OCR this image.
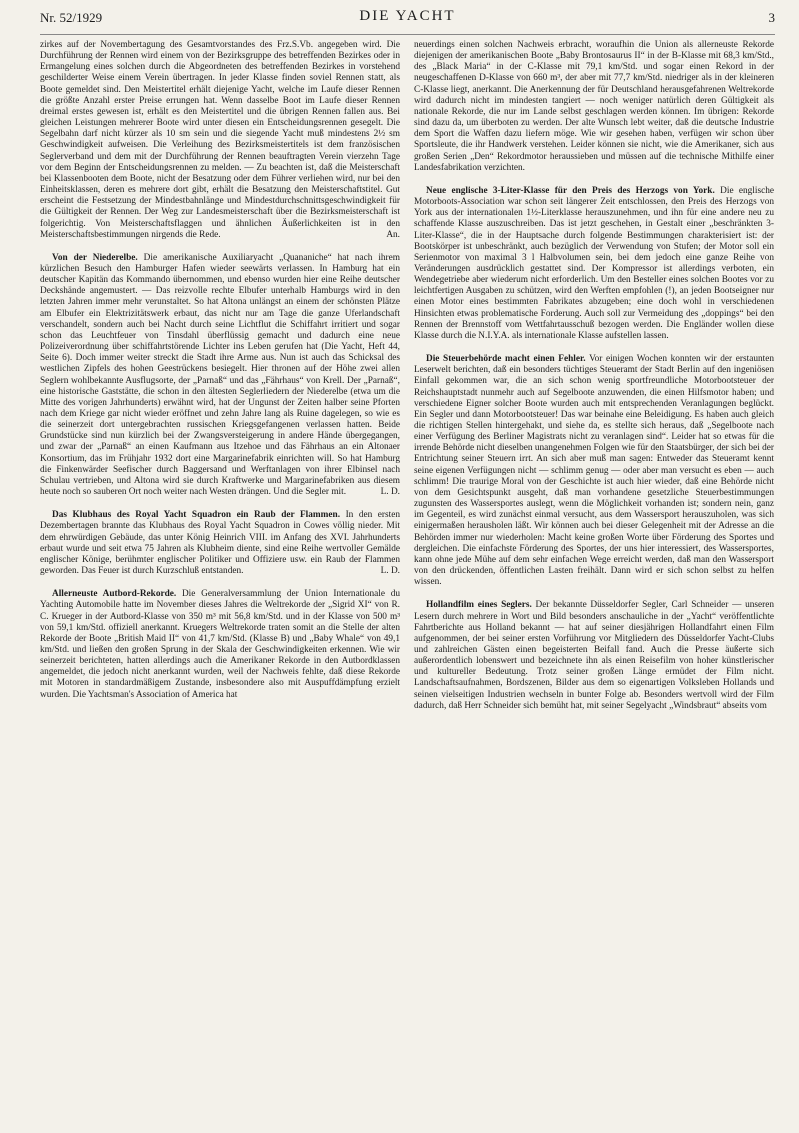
Nr. 52/1929	DIE YACHT	3

zirkes auf der Novembertagung des Gesamtvorstandes des Frz.S.Vb. angegeben wird. Die Durchführung der Rennen wird einem von der Bezirksgruppe des betreffenden Bezirkes oder in Ermangelung eines solchen durch die Abgeordneten des betreffenden Bezirkes in vorstehend geschilderter Weise einem Verein übertragen. In jeder Klasse finden soviel Rennen statt, als Boote gemeldet sind. Den Meistertitel erhält diejenige Yacht, welche im Laufe dieser Rennen die größte Anzahl erster Preise errungen hat. Wenn dasselbe Boot im Laufe dieser Rennen dreimal erstes gewesen ist, erhält es den Meistertitel und die übrigen Rennen fallen aus. Bei gleichen Leistungen mehrerer Boote wird unter diesen ein Entscheidungsrennen gesegelt. Die Segelbahn darf nicht kürzer als 10 sm sein und die siegende Yacht muß mindestens 2½ sm Geschwindigkeit aufweisen. Die Verleihung des Bezirksmeistertitels ist dem französischen Seglerverband und dem mit der Durchführung der Rennen beauftragten Verein vierzehn Tage vor dem Beginn der Entscheidungsrennen zu melden. — Zu beachten ist, daß die Meisterschaft bei Klassenbooten dem Boote, nicht der Besatzung oder dem Führer verliehen wird, nur bei den Einheitsklassen, deren es mehrere dort gibt, erhält die Besatzung den Meisterschaftstitel. Gut erscheint die Festsetzung der Mindestbahnlänge und Mindestdurchschnittsgeschwindigkeit für die Gültigkeit der Rennen. Der Weg zur Landesmeisterschaft über die Bezirksmeisterschaft ist folgerichtig. Von Meisterschaftsflaggen und ähnlichen Äußerlichkeiten ist in den Meisterschaftsbestimmungen nirgends die Rede.	An.

Von der Niederelbe. Die amerikanische Auxiliaryacht „Quananiche“ hat nach ihrem kürzlichen Besuch den Hamburger Hafen wieder seewärts verlassen. In Hamburg hat ein deutscher Kapitän das Kommando übernommen, und ebenso wurden hier eine Reihe deutscher Deckshände angemustert. — Das reizvolle rechte Elbufer unterhalb Hamburgs wird in den letzten Jahren immer mehr verunstaltet. So hat Altona unlängst an einem der schönsten Plätze am Elbufer ein Elektrizitätswerk erbaut, das nicht nur am Tage die ganze Uferlandschaft verschandelt, sondern auch bei Nacht durch seine Lichtflut die Schiffahrt irritiert und sogar schon das Leuchtfeuer von Tinsdahl überflüssig gemacht und dadurch eine neue Polizeiverordnung über schiffahrtstörende Lichter ins Leben gerufen hat (Die Yacht, Heft 44, Seite 6). Doch immer weiter streckt die Stadt ihre Arme aus. Nun ist auch das Schicksal des westlichen Zipfels des hohen Geestrückens besiegelt. Hier thronen auf der Höhe zwei allen Seglern wohlbekannte Ausflugsorte, der „Parnaß“ und das „Fährhaus“ von Krell. Der „Parnaß“, eine historische Gaststätte, die schon in den ältesten Seglerliedern der Niederelbe (etwa um die Mitte des vorigen Jahrhunderts) erwähnt wird, hat der Ungunst der Zeiten halber seine Pforten nach dem Kriege gar nicht wieder eröffnet und zehn Jahre lang als Ruine dagelegen, so wie es die seinerzeit dort untergebrachten russischen Kriegsgefangenen verlassen hatten. Beide Grundstücke sind nun kürzlich bei der Zwangsversteigerung in andere Hände übergegangen, und zwar der „Parnaß“ an einen Kaufmann aus Itzehoe und das Fährhaus an ein Altonaer Konsortium, das im Frühjahr 1932 dort eine Margarinefabrik einrichten will. So hat Hamburg die Finkenwärder Seefischer durch Baggersand und Werftanlagen von ihrer Elbinsel nach Schulau vertrieben, und Altona wird sie durch Kraftwerke und Margarinefabriken aus diesem heute noch so sauberen Ort noch weiter nach Westen drängen. Und die Segler mit.	L. D.

Das Klubhaus des Royal Yacht Squadron ein Raub der Flammen. In den ersten Dezembertagen brannte das Klubhaus des Royal Yacht Squadron in Cowes völlig nieder. Mit dem ehrwürdigen Gebäude, das unter König Heinrich VIII. im Anfang des XVI. Jahrhunderts erbaut wurde und seit etwa 75 Jahren als Klubheim diente, sind eine Reihe wertvoller Gemälde englischer Könige, berühmter englischer Politiker und Offiziere usw. ein Raub der Flammen geworden. Das Feuer ist durch Kurzschluß entstanden.	L. D.

Allerneuste Autbord-Rekorde. Die Generalversammlung der Union Internationale du Yachting Automobile hatte im November dieses Jahres die Weltrekorde der „Sigrid XI“ von R. C. Krueger in der Autbord-Klasse von 350 m³ mit 56,8 km/Std. und in der Klasse von 500 m³ von 59,1 km/Std. offiziell anerkannt. Kruegers Weltrekorde traten somit an die Stelle der alten Rekorde der Boote „British Maid II“ von 41,7 km/Std. (Klasse B) und „Baby Whale“ von 49,1 km/Std. und ließen den großen Sprung in der Skala der Geschwindigkeiten erkennen. Wie wir seinerzeit berichteten, hatten allerdings auch die Amerikaner Rekorde in den Autbordklassen angemeldet, die jedoch nicht anerkannt wurden, weil der Nachweis fehlte, daß diese Rekorde mit Motoren in standardmäßigem Zustande, insbesondere also mit Auspuffdämpfung erzielt wurden. Die Yachtsman's Association of America hat

neuerdings einen solchen Nachweis erbracht, woraufhin die Union als allerneuste Rekorde diejenigen der amerikanischen Boote „Baby Brontosaurus II“ in der B-Klasse mit 68,3 km/Std., des „Black Maria“ in der C-Klasse mit 79,1 km/Std. und sogar einen Rekord in der neugeschaffenen D-Klasse von 660 m³, der aber mit 77,7 km/Std. niedriger als in der kleineren C-Klasse liegt, anerkannt. Die Anerkennung der für Deutschland herausgefahrenen Weltrekorde wird dadurch nicht im mindesten tangiert — noch weniger natürlich deren Gültigkeit als nationale Rekorde, die nur im Lande selbst geschlagen werden können. Im übrigen: Rekorde sind dazu da, um überboten zu werden. Der alte Wunsch lebt weiter, daß die deutsche Industrie dem Sport die Waffen dazu liefern möge. Wie wir gesehen haben, verfügen wir schon über Sportsleute, die ihr Handwerk verstehen. Leider können sie nicht, wie die Amerikaner, sich aus großen Serien „Den“ Rekordmotor heraussieben und müssen auf die technische Mithilfe einer Landesfabrikation verzichten.

Neue englische 3-Liter-Klasse für den Preis des Herzogs von York. Die englische Motorboots-Association war schon seit längerer Zeit entschlossen, den Preis des Herzogs von York aus der internationalen 1½-Literklasse herauszunehmen, und ihn für eine andere neu zu schaffende Klasse auszuschreiben. Das ist jetzt geschehen, in Gestalt einer „beschränkten 3-Liter-Klasse“, die in der Hauptsache durch folgende Bestimmungen charakterisiert ist: der Bootskörper ist unbeschränkt, auch bezüglich der Verwendung von Stufen; der Motor soll ein Serienmotor von maximal 3 l Halbvolumen sein, bei dem jedoch eine ganze Reihe von Veränderungen ausdrücklich gestattet sind. Der Kompressor ist allerdings verboten, ein Wendegetriebe aber wiederum nicht erforderlich. Um den Besteller eines solchen Bootes vor zu leichtfertigen Ausgaben zu schützen, wird den Werften empfohlen (!), an jeden Bootseigner nur einen Motor eines bestimmten Fabrikates abzugeben; eine doch wohl in verschiedenen Hinsichten etwas problematische Forderung. Auch soll zur Vermeidung des „doppings“ bei den Rennen der Brennstoff vom Wettfahrtausschuß bezogen werden. Die Engländer wollen diese Klasse durch die N.I.Y.A. als internationale Klasse aufstellen lassen.

Die Steuerbehörde macht einen Fehler. Vor einigen Wochen konnten wir der erstaunten Leserwelt berichten, daß ein besonders tüchtiges Steueramt der Stadt Berlin auf den ingeniösen Einfall gekommen war, die an sich schon wenig sportfreundliche Motorbootsteuer der Reichshauptstadt nunmehr auch auf Segelboote anzuwenden, die einen Hilfsmotor haben; und verschiedene Eigner solcher Boote wurden auch mit entsprechenden Veranlagungen beglückt. Ein Segler und dann Motorbootsteuer! Das war beinahe eine Beleidigung. Es haben auch gleich die richtigen Stellen hintergehakt, und siehe da, es stellte sich heraus, daß „Segelboote nach einer Verfügung des Berliner Magistrats nicht zu veranlagen sind“. Leider hat so etwas für die irrende Behörde nicht dieselben unangenehmen Folgen wie für den Staatsbürger, der sich bei der Entrichtung seiner Steuern irrt. An sich aber muß man sagen: Entweder das Steueramt kennt seine eigenen Verfügungen nicht — schlimm genug — oder aber man versucht es eben — auch schlimm! Die traurige Moral von der Geschichte ist auch hier wieder, daß eine Behörde nicht von dem Gesichtspunkt ausgeht, daß man vorhandene gesetzliche Steuerbestimmungen zugunsten des Wassersportes auslegt, wenn die Möglichkeit vorhanden ist; sondern nein, ganz im Gegenteil, es wird zunächst einmal versucht, aus dem Wassersport herauszuholen, was sich einigermaßen herausholen läßt. Wir können auch bei dieser Gelegenheit mit der Adresse an die Behörden immer nur wiederholen: Macht keine großen Worte über Förderung des Sportes und dergleichen. Die einfachste Förderung des Sportes, der uns hier interessiert, des Wassersportes, kann ohne jede Mühe auf dem sehr einfachen Wege erreicht werden, daß man den Wassersport von den drückenden, öffentlichen Lasten freihält. Dann wird er sich schon selbst zu helfen wissen.

Hollandfilm eines Seglers. Der bekannte Düsseldorfer Segler, Carl Schneider — unseren Lesern durch mehrere in Wort und Bild besonders anschauliche in der „Yacht“ veröffentlichte Fahrtberichte aus Holland bekannt — hat auf seiner diesjährigen Hollandfahrt einen Film aufgenommen, der bei seiner ersten Vorführung vor Mitgliedern des Düsseldorfer Yacht-Clubs und zahlreichen Gästen einen begeisterten Beifall fand. Auch die Presse äußerte sich außerordentlich lobenswert und bezeichnete ihn als einen Reisefilm von hoher künstlerischer und kultureller Bedeutung. Trotz seiner großen Länge ermüdet der Film nicht. Landschaftsaufnahmen, Bordszenen, Bilder aus dem so eigenartigen Volksleben Hollands und seinen vielseitigen Industrien wechseln in bunter Folge ab. Besonders wertvoll wird der Film dadurch, daß Herr Schneider sich bemüht hat, mit seiner Segelyacht „Windsbraut“ abseits vom
